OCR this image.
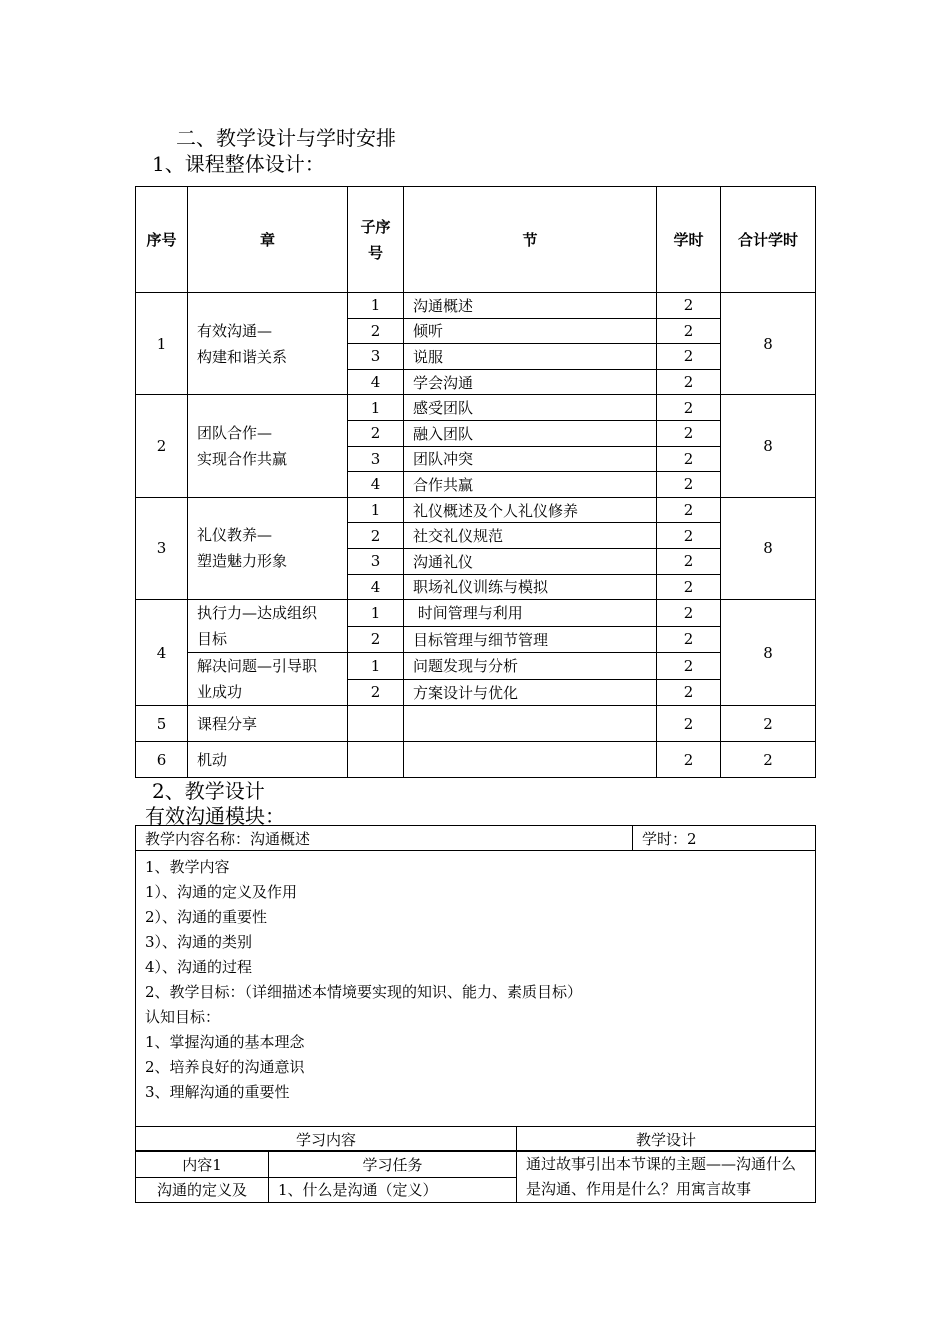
二、教学设计与学时安排
1、课程整体设计：
序号	章	子序号	节	学时	合计学时
1	有效沟通—
构建和谐关系	1	沟通概述	2	8
		2	倾听	2	
		3	说服	2	
		4	学会沟通	2	
2	团队合作—
实现合作共赢	1	感受团队	2	8
		2	融入团队	2	
		3	团队冲突	2	
		4	合作共赢	2	
3	礼仪教养—
塑造魅力形象	1	礼仪概述及个人礼仪修养	2	8
		2	社交礼仪规范	2	
		3	沟通礼仪	2	
		4	职场礼仪训练与模拟	2	
4	执行力—达成组织
目标	1	时间管理与利用	2	8
		2	目标管理与细节管理	2	
	解决问题—引导职
业成功	1	问题发现与分析	2	
		2	方案设计与优化	2	
5	课程分享			2	2
6	机动			2	2
2、教学设计
有效沟通模块：
教学内容名称：沟通概述	学时：2

1、教学内容
1）、沟通的定义及作用
2）、沟通的重要性
3）、沟通的类别
4）、沟通的过程
2、教学目标：（详细描述本情境要实现的知识、能力、素质目标）
认知目标：
1、掌握沟通的基本理念
2、培养良好的沟通意识
3、理解沟通的重要性
学习内容		教学设计
内容1	学习任务	通过故事引出本节课的主题——沟通什么是沟通、作用是什么？用寓言故事
沟通的定义及	1、什么是沟通（定义）	
